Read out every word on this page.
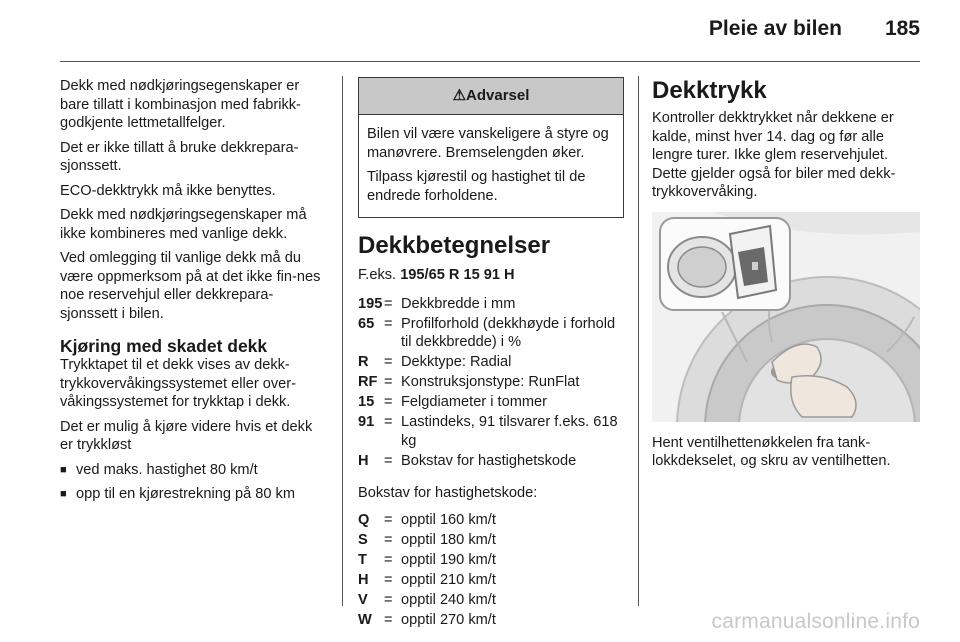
Pleie av bilen 185

Dekk med nødkjøringsegenskaper er bare tillatt i kombinasjon med fabrikk-godkjente lettmetallfelger.

Det er ikke tillatt å bruke dekkrepara-sjonssett.

ECO-dekktrykk må ikke benyttes.

Dekk med nødkjøringsegenskaper må ikke kombineres med vanlige dekk.

Ved omlegging til vanlige dekk må du være oppmerksom på at det ikke fin-nes noe reservehjul eller dekkrepara-sjonssett i bilen.

Kjøring med skadet dekk

Trykktapet til et dekk vises av dekk-trykkovervåkingssystemet eller over-våkingssystemet for trykktap i dekk.

Det er mulig å kjøre videre hvis et dekk er trykkløst

■ ved maks. hastighet 80 km/t
■ opp til en kjørestrekning på 80 km
⚠Advarsel

Bilen vil være vanskeligere å styre og manøvrere. Bremselengden øker.

Tilpass kjørestil og hastighet til de endrede forholdene.

Dekkbetegnelser
F.eks. 195/65 R 15 91 H
195 = Dekkbredde i mm
65 = Profilforhold (dekkhøyde i forhold til dekkbredde) i %
R	= Dekktype: Radial
RF = Konstruksjonstype: RunFlat
15 = Felgdiameter i tommer
91 = Lastindeks, 91 tilsvarer f.eks. 618 kg
H	= Bokstav for hastighetskode

Bokstav for hastighetskode:

Q	= opptil 160 km/t
S	= opptil 180 km/t
T	= opptil 190 km/t
H	= opptil 210 km/t
V	= opptil 240 km/t
W = opptil 270 km/t
Dekktrykk

Kontroller dekktrykket når dekkene er kalde, minst hver 14. dag og før alle lengre turer. Ikke glem reservehjulet. Dette gjelder også for biler med dekk-trykkovervåking.

Hent ventilhettenøkkelen fra tank-lokkdekselet, og skru av ventilhetten.

carmanualsonline.info
